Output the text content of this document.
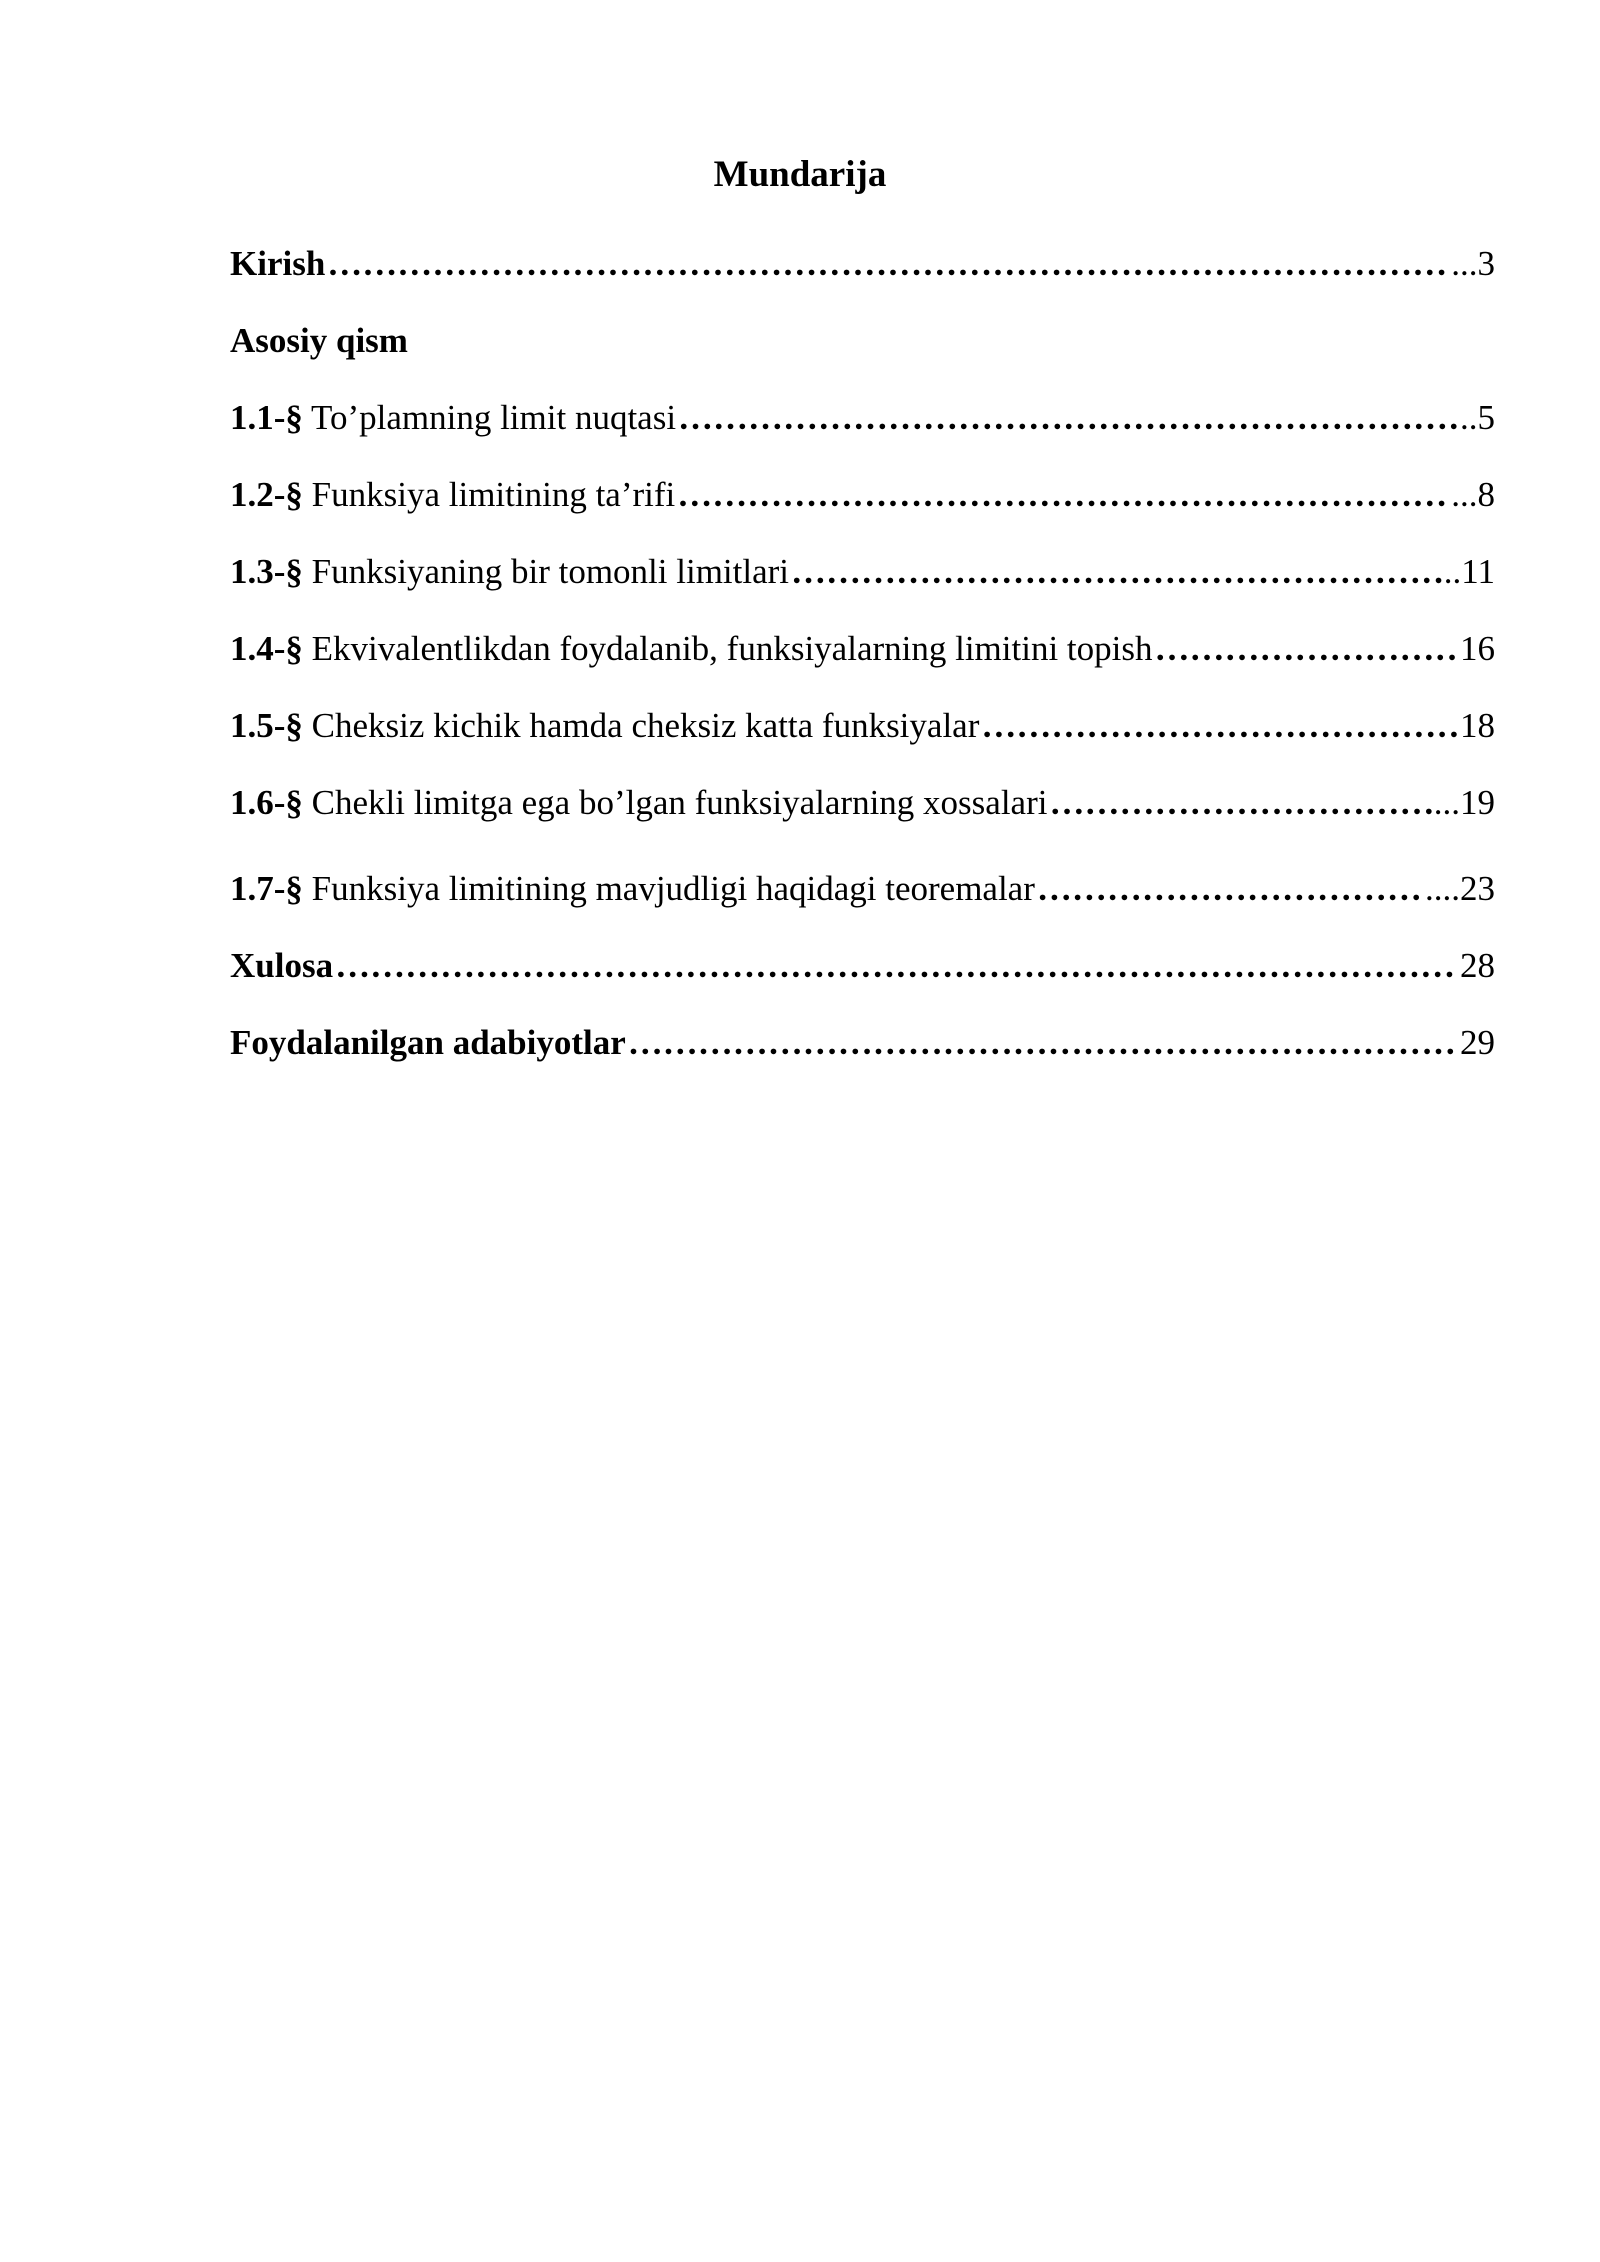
Mundarija
Kirish ……………………………………………………………………………………………………………………………………………………………………	...3
Asosiy qism
1.1-§ To’plamning limit nuqtasi ……………………………………………………………………………………………………………………………………………………………………	..5
1.2-§ Funksiya limitining ta’rifi ……………………………………………………………………………………………………………………………………………………………………	...8
1.3-§ Funksiyaning bir tomonli limitlari ……………………………………………………………………………………………………………………………………………………………………	..11
1.4-§ Ekvivalentlikdan foydalanib, funksiyalarning limitini topish ……………………………………………………………………………………………………………………………………………………………………	16
1.5-§ Cheksiz kichik hamda cheksiz katta funksiyalar ……………………………………………………………………………………………………………………………………………………………………	18
1.6-§ Chekli limitga ega bo’lgan funksiyalarning xossalari ……………………………………………………………………………………………………………………………………………………………………	...19
1.7-§ Funksiya limitining mavjudligi haqidagi teoremalar ……………………………………………………………………………………………………………………………………………………………………	....23
Xulosa ……………………………………………………………………………………………………………………………………………………………………	28
Foydalanilgan adabiyotlar ……………………………………………………………………………………………………………………………………………………………………	29
